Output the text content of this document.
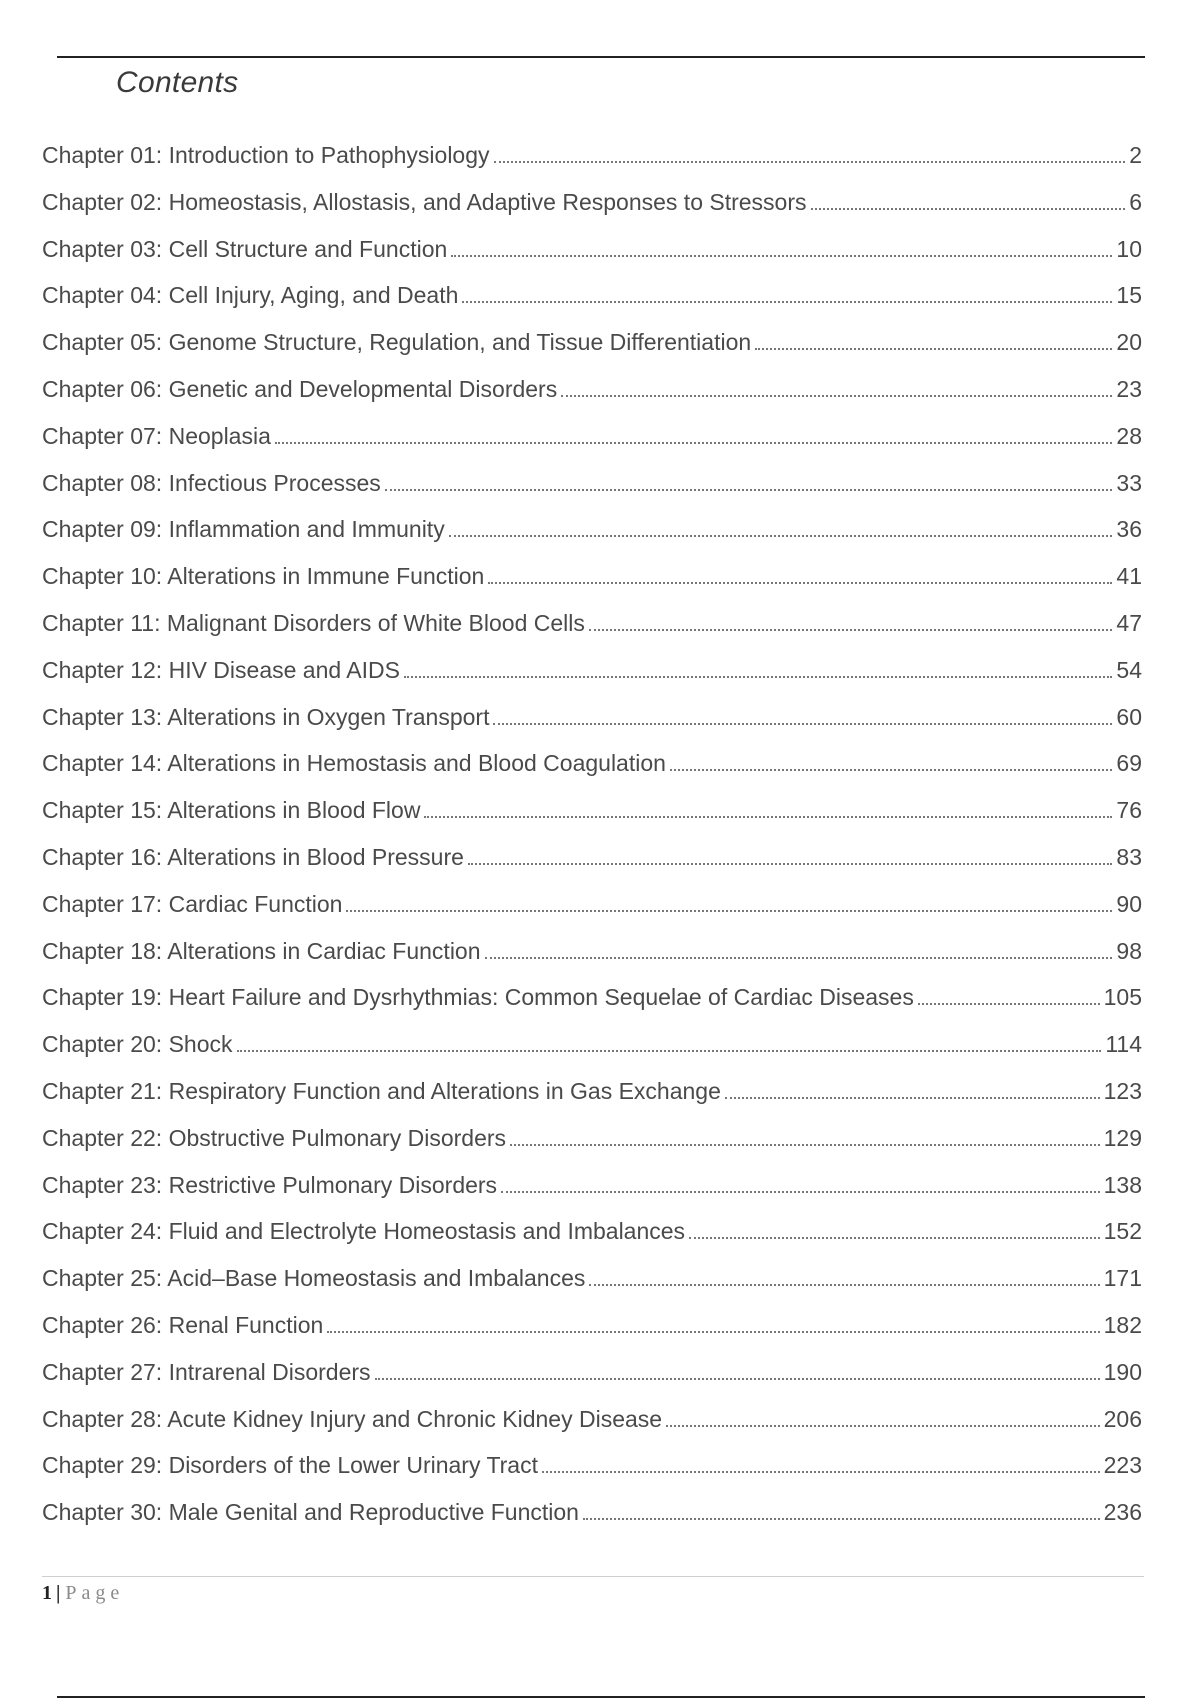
Contents
Chapter 01: Introduction to Pathophysiology	2
Chapter 02: Homeostasis, Allostasis, and Adaptive Responses to Stressors	6
Chapter 03: Cell Structure and Function	10
Chapter 04: Cell Injury, Aging, and Death	15
Chapter 05: Genome Structure, Regulation, and Tissue Differentiation	20
Chapter 06: Genetic and Developmental Disorders	23
Chapter 07: Neoplasia	28
Chapter 08: Infectious Processes	33
Chapter 09: Inflammation and Immunity	36
Chapter 10: Alterations in Immune Function	41
Chapter 11: Malignant Disorders of White Blood Cells	47
Chapter 12: HIV Disease and AIDS	54
Chapter 13: Alterations in Oxygen Transport	60
Chapter 14: Alterations in Hemostasis and Blood Coagulation	69
Chapter 15: Alterations in Blood Flow	76
Chapter 16: Alterations in Blood Pressure	83
Chapter 17: Cardiac Function	90
Chapter 18: Alterations in Cardiac Function	98
Chapter 19: Heart Failure and Dysrhythmias: Common Sequelae of Cardiac Diseases	105
Chapter 20: Shock	114
Chapter 21: Respiratory Function and Alterations in Gas Exchange	123
Chapter 22: Obstructive Pulmonary Disorders	129
Chapter 23: Restrictive Pulmonary Disorders	138
Chapter 24: Fluid and Electrolyte Homeostasis and Imbalances	152
Chapter 25: Acid–Base Homeostasis and Imbalances	171
Chapter 26: Renal Function	182
Chapter 27: Intrarenal Disorders	190
Chapter 28: Acute Kidney Injury and Chronic Kidney Disease	206
Chapter 29: Disorders of the Lower Urinary Tract	223
Chapter 30: Male Genital and Reproductive Function	236
1 | Page
